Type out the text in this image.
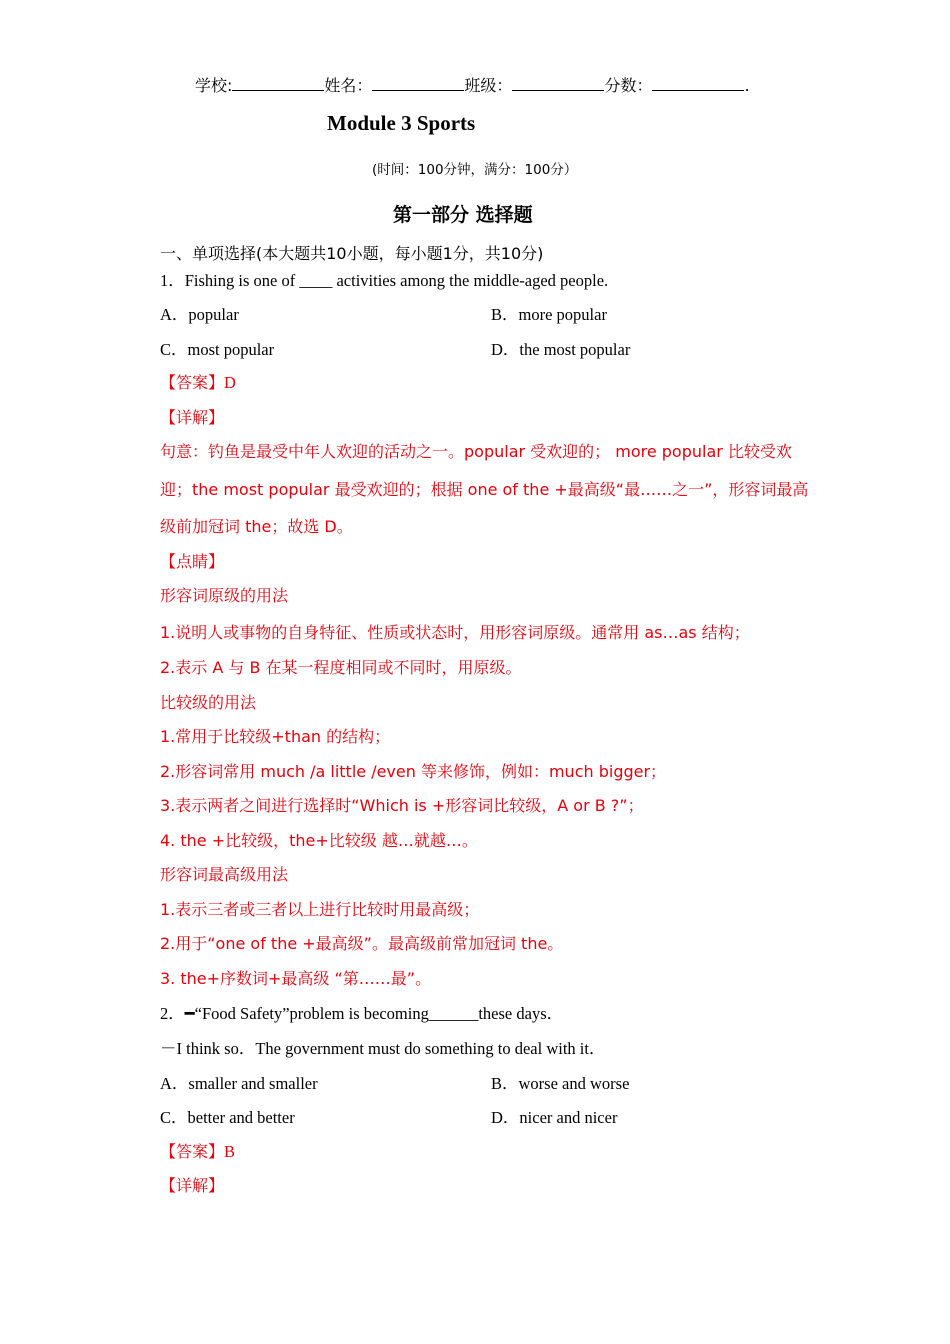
学校:	姓名：	班级：	分数：	.
Module 3 Sports
(时间：100分钟，满分：100分）
第一部分 选择题
一、单项选择(本大题共10小题，每小题1分，共10分)
1．Fishing is one of ____ activities among the middle-aged people.
A．popular	B．more popular
C．most popular	D．the most popular
【答案】D
【详解】
句意：钓鱼是最受中年人欢迎的活动之一。popular 受欢迎的； more popular 比较受欢
迎；the most popular 最受欢迎的；根据 one of the +最高级“最……之一”，形容词最高
级前加冠词 the；故选 D。
【点睛】
形容词原级的用法
1.说明人或事物的自身特征、性质或状态时，用形容词原级。通常用 as…as 结构；
2.表示 A 与 B 在某一程度相同或不同时，用原级。
比较级的用法
1.常用于比较级+than 的结构；
2.形容词常用 much /a little /even 等来修饰，例如：much bigger；
3.表示两者之间进行选择时“Which is +形容词比较级，A or B ?”；
4. the +比较级，the+比较级 越…就越…。
形容词最高级用法
1.表示三者或三者以上进行比较时用最高级；
2.用于“one of the +最高级”。最高级前常加冠词 the。
3. the+序数词+最高级 “第……最”。
2．━“Food Safety”problem is becoming______these days．
－I think so．The government must do something to deal with it．
A．smaller and smaller	B．worse and worse
C．better and better	D．nicer and nicer
【答案】B
【详解】
